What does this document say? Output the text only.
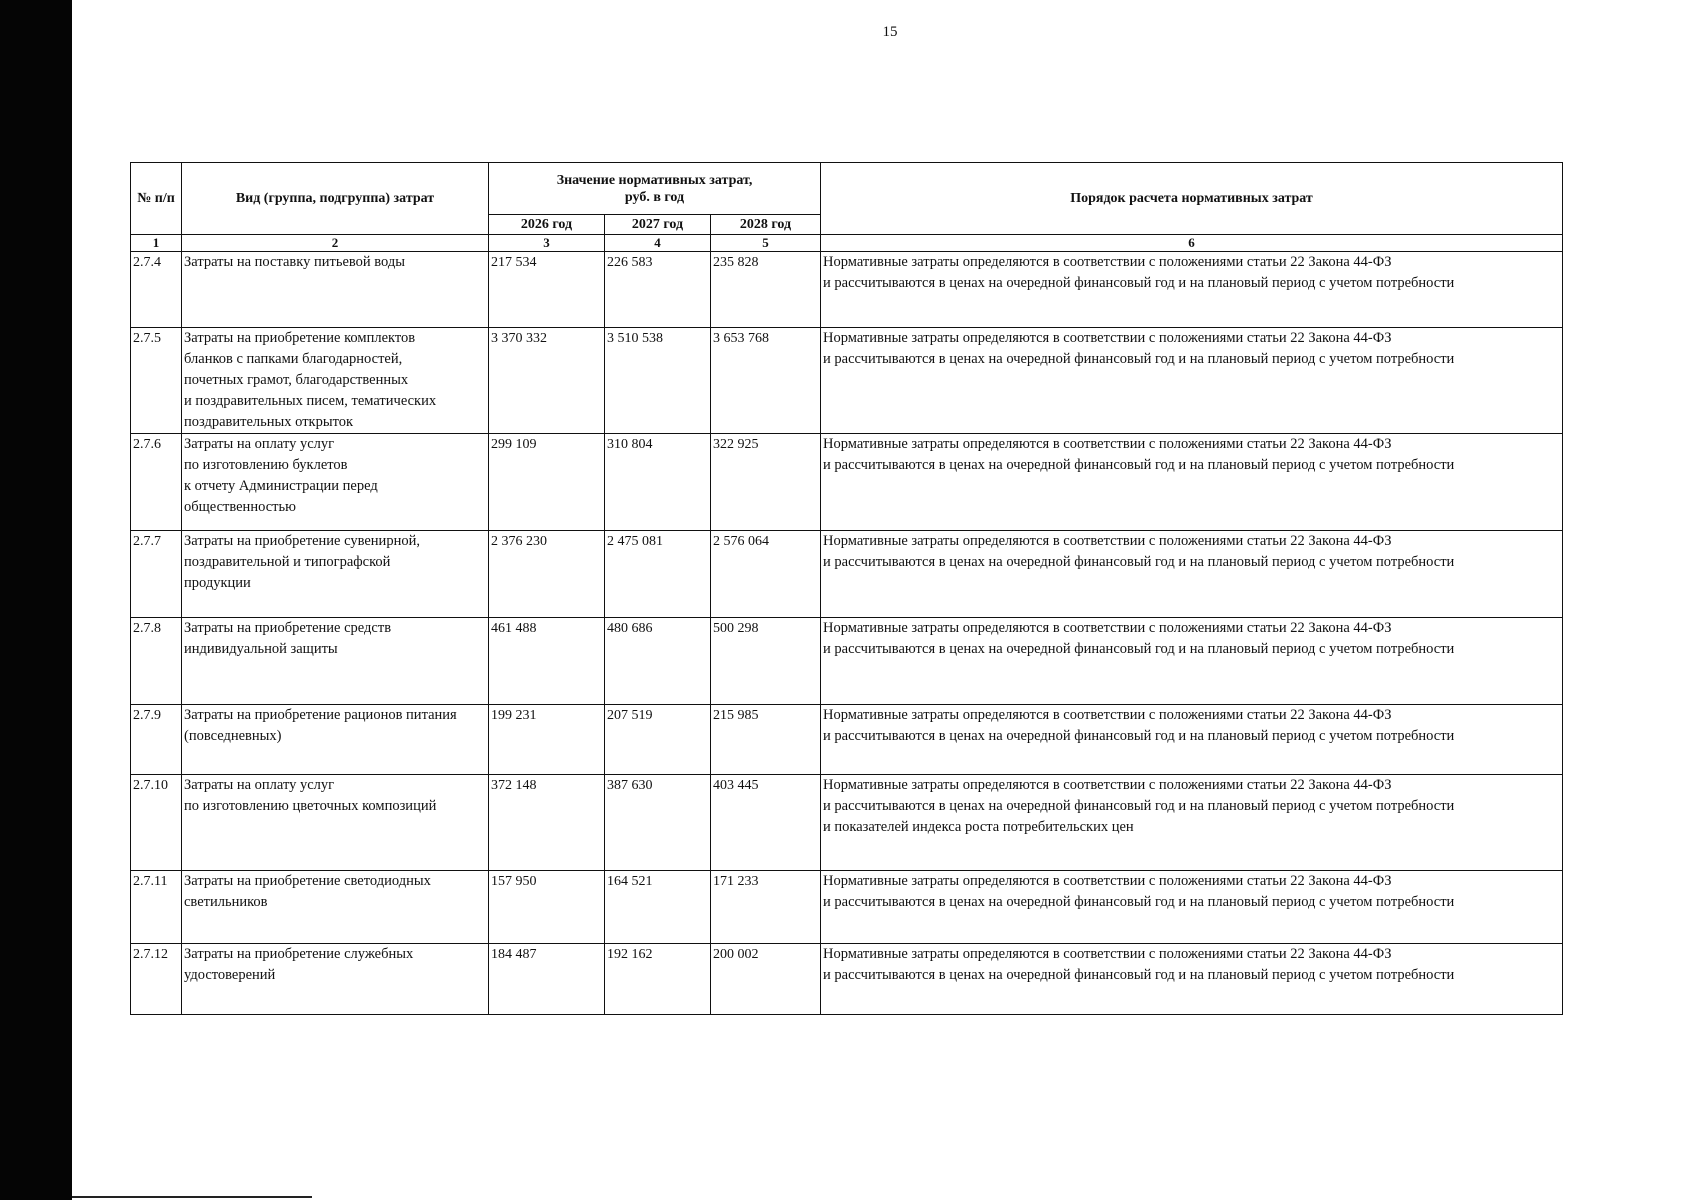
15
№ п/п	Вид (группа, подгруппа) затрат	Значение нормативных затрат,
руб. в год			Порядок расчета нормативных затрат
		2026 год	2027 год	2028 год	
1	2	3	4	5	6
2.7.4	Затраты на поставку питьевой воды	217 534	226 583	235 828	Нормативные затраты определяются в соответствии с положениями статьи 22 Закона 44-ФЗ
и рассчитываются в ценах на очередной финансовый год и на плановый период с учетом потребности
2.7.5	Затраты на приобретение комплектов
бланков с папками благодарностей,
почетных грамот, благодарственных
и поздравительных писем, тематических
поздравительных открыток	3 370 332	3 510 538	3 653 768	Нормативные затраты определяются в соответствии с положениями статьи 22 Закона 44-ФЗ
и рассчитываются в ценах на очередной финансовый год и на плановый период с учетом потребности
2.7.6	Затраты на оплату услуг
по изготовлению буклетов
к отчету Администрации перед
общественностью	299 109	310 804	322 925	Нормативные затраты определяются в соответствии с положениями статьи 22 Закона 44-ФЗ
и рассчитываются в ценах на очередной финансовый год и на плановый период с учетом потребности
2.7.7	Затраты на приобретение сувенирной,
поздравительной и типографской
продукции	2 376 230	2 475 081	2 576 064	Нормативные затраты определяются в соответствии с положениями статьи 22 Закона 44-ФЗ
и рассчитываются в ценах на очередной финансовый год и на плановый период с учетом потребности
2.7.8	Затраты на приобретение средств
индивидуальной защиты	461 488	480 686	500 298	Нормативные затраты определяются в соответствии с положениями статьи 22 Закона 44-ФЗ
и рассчитываются в ценах на очередной финансовый год и на плановый период с учетом потребности
2.7.9	Затраты на приобретение рационов питания
(повседневных)	199 231	207 519	215 985	Нормативные затраты определяются в соответствии с положениями статьи 22 Закона 44-ФЗ
и рассчитываются в ценах на очередной финансовый год и на плановый период с учетом потребности
2.7.10	Затраты на оплату услуг
по изготовлению цветочных композиций	372 148	387 630	403 445	Нормативные затраты определяются в соответствии с положениями статьи 22 Закона 44-ФЗ
и рассчитываются в ценах на очередной финансовый год и на плановый период с учетом потребности
и показателей индекса роста потребительских цен
2.7.11	Затраты на приобретение светодиодных
светильников	157 950	164 521	171 233	Нормативные затраты определяются в соответствии с положениями статьи 22 Закона 44-ФЗ
и рассчитываются в ценах на очередной финансовый год и на плановый период с учетом потребности
2.7.12	Затраты на приобретение служебных
удостоверений	184 487	192 162	200 002	Нормативные затраты определяются в соответствии с положениями статьи 22 Закона 44-ФЗ
и рассчитываются в ценах на очередной финансовый год и на плановый период с учетом потребности
